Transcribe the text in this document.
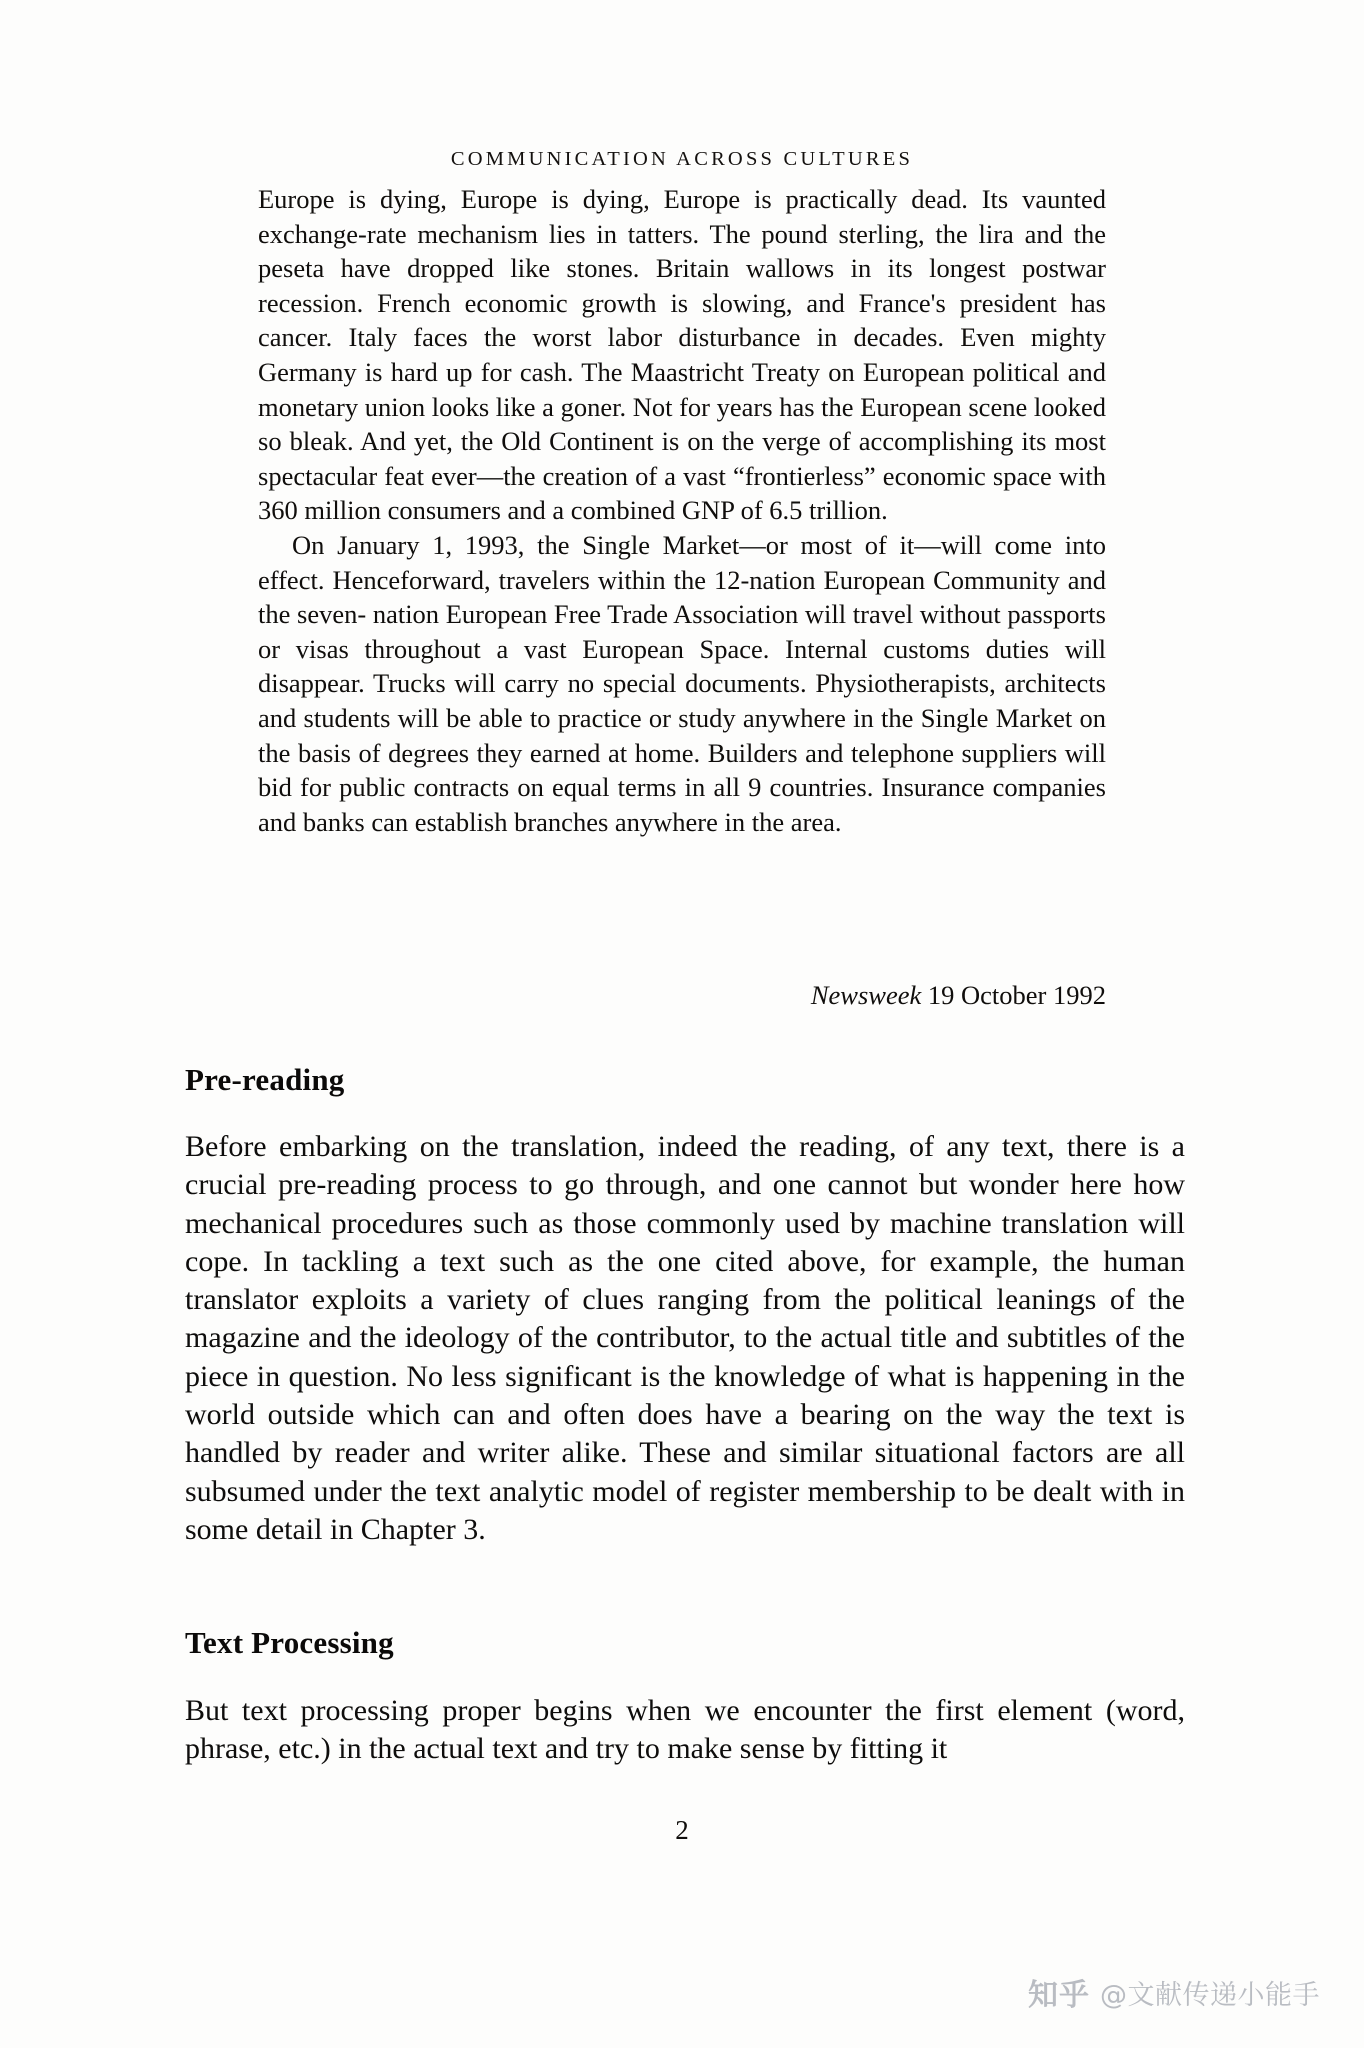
COMMUNICATION ACROSS CULTURES

Europe is dying, Europe is dying, Europe is practically dead. Its vaunted exchange-rate mechanism lies in tatters. The pound sterling, the lira and the peseta have dropped like stones. Britain wallows in its longest postwar recession. French economic growth is slowing, and France's president has cancer. Italy faces the worst labor disturbance in decades. Even mighty Germany is hard up for cash. The Maastricht Treaty on European political and monetary union looks like a goner. Not for years has the European scene looked so bleak. And yet, the Old Continent is on the verge of accomplishing its most spectacular feat ever—the creation of a vast “frontierless” economic space with 360 million consumers and a combined GNP of 6.5 trillion.

On January 1, 1993, the Single Market—or most of it—will come into effect. Henceforward, travelers within the 12-nation European Community and the seven- nation European Free Trade Association will travel without passports or visas throughout a vast European Space. Internal customs duties will disappear. Trucks will carry no special documents. Physiotherapists, architects and students will be able to practice or study anywhere in the Single Market on the basis of degrees they earned at home. Builders and telephone suppliers will bid for public contracts on equal terms in all 9 countries. Insurance companies and banks can establish branches anywhere in the area.

Newsweek 19 October 1992
Pre-reading

Before embarking on the translation, indeed the reading, of any text, there is a crucial pre-reading process to go through, and one cannot but wonder here how mechanical procedures such as those commonly used by machine translation will cope. In tackling a text such as the one cited above, for example, the human translator exploits a variety of clues ranging from the political leanings of the magazine and the ideology of the contributor, to the actual title and subtitles of the piece in question. No less significant is the knowledge of what is happening in the world outside which can and often does have a bearing on the way the text is handled by reader and writer alike. These and similar situational factors are all subsumed under the text analytic model of register membership to be dealt with in some detail in Chapter 3.

Text Processing

But text processing proper begins when we encounter the first element (word, phrase, etc.) in the actual text and try to make sense by fitting it

2
知乎 @文献传递小能手
